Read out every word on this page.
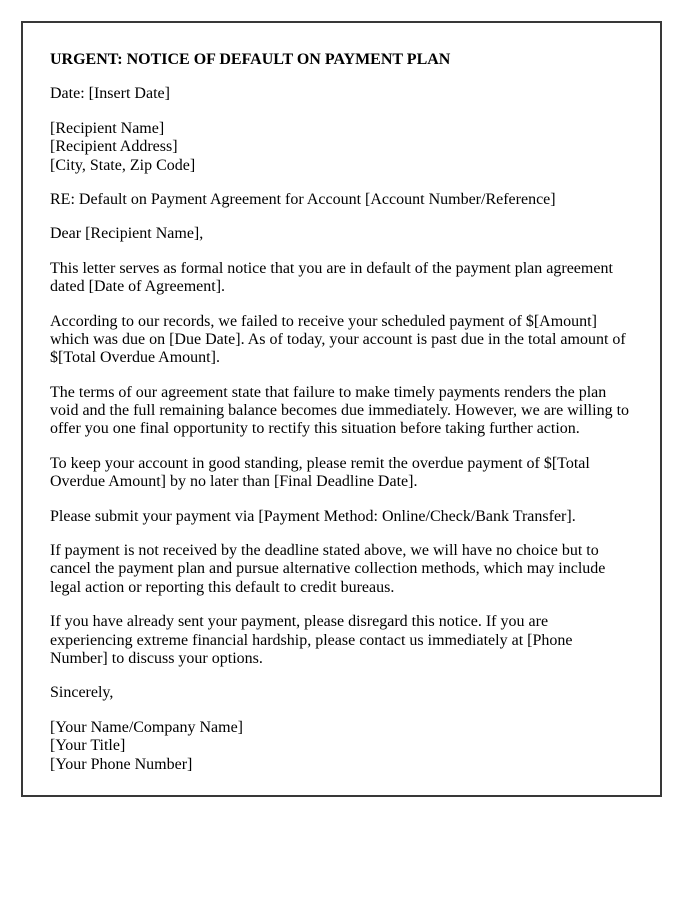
URGENT: NOTICE OF DEFAULT ON PAYMENT PLAN

Date: [Insert Date]

[Recipient Name]
[Recipient Address]
[City, State, Zip Code]

RE: Default on Payment Agreement for Account [Account Number/Reference]

Dear [Recipient Name],

This letter serves as formal notice that you are in default of the payment plan agreement dated [Date of Agreement].

According to our records, we failed to receive your scheduled payment of $[Amount] which was due on [Due Date]. As of today, your account is past due in the total amount of $[Total Overdue Amount].

The terms of our agreement state that failure to make timely payments renders the plan void and the full remaining balance becomes due immediately. However, we are willing to offer you one final opportunity to rectify this situation before taking further action.

To keep your account in good standing, please remit the overdue payment of $[Total Overdue Amount] by no later than [Final Deadline Date].

Please submit your payment via [Payment Method: Online/Check/Bank Transfer].

If payment is not received by the deadline stated above, we will have no choice but to cancel the payment plan and pursue alternative collection methods, which may include legal action or reporting this default to credit bureaus.

If you have already sent your payment, please disregard this notice. If you are experiencing extreme financial hardship, please contact us immediately at [Phone Number] to discuss your options.

Sincerely,

[Your Name/Company Name]
[Your Title]
[Your Phone Number]
